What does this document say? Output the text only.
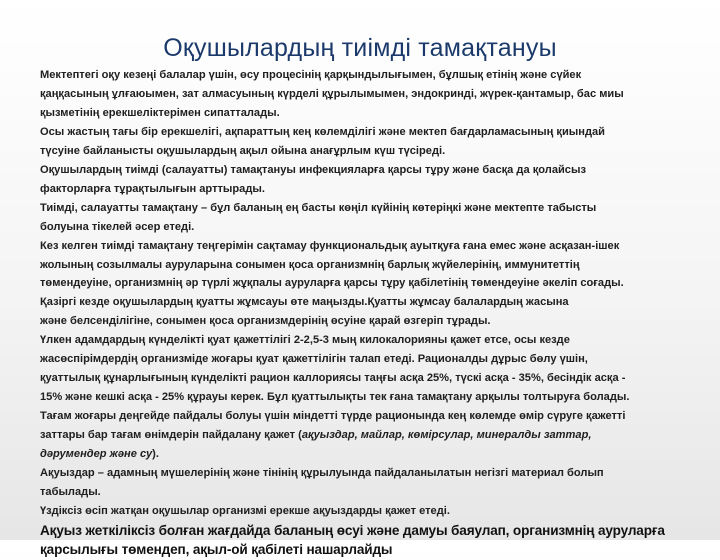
Оқушылардың тиімді тамақтануы
Мектептегі оқу кезеңі балалар үшін, өсу процесінің қарқындылығымен, бұлшық етінің және сүйек
қаңқасының ұлғаюымен, зат алмасуының күрделі құрылымымен, эндокринді, жүрек-қантамыр, бас миы
қызметінің ерекшеліктерімен сипатталады.
Осы жастың тағы бір ерекшелігі, ақпараттың кең көлемділігі және мектеп бағдарламасының қиындай
түсуіне байланысты оқушылардың ақыл ойына анағұрлым күш түсіреді.
Оқушылардың тиімді (салауатты) тамақтануы инфекцияларға қарсы тұру және басқа да қолайсыз
факторларға тұрақтылығын арттырады.
Тиімді, салауатты тамақтану – бұл баланың ең басты көңіл күйінің көтеріңкі және мектепте табысты
болуына тікелей әсер етеді.
Кез келген тиімді тамақтану теңгерімін сақтамау функциональдық ауытқуға ғана емес және асқазан-ішек
жолының созылмалы ауруларына сонымен қоса организмнің барлық жүйелерінің, иммунитеттің
төмендеуіне, организмнің әр түрлі жұқпалы ауруларға қарсы тұру қабілетінің төмендеуіне әкеліп соғады.
Қазіргі кезде оқушылардың қуатты жұмсауы өте маңызды.Қуатты жұмсау балалардың жасына
және белсенділігіне, сонымен қоса организмдерінің өсуіне қарай өзгеріп тұрады.
Үлкен адамдардың күнделікті қуат қажеттілігі 2-2,5-3 мың килокалорияны қажет етсе, осы кезде
жасөспірімдердің организміде жоғары қуат қажеттілігін талап етеді. Рационалды дұрыс бөлу үшін,
қуаттылық құнарлығының күнделікті рацион каллориясы таңғы асқа 25%, түскі асқа - 35%, бесіндік асқа -
15% және кешкі асқа - 25% құрауы керек. Бұл қуаттылықты тек ғана тамақтану арқылы толтыруға болады.
Тағам жоғары деңгейде пайдалы болуы үшін міндетті түрде рационында кең көлемде өмір сүруге қажетті
заттары бар тағам өнімдерін пайдалану қажет (ақуыздар, майлар, көмірсулар, минералды заттар,
дәрумендер және су).
Ақуыздар – адамның мүшелерінің және тінінің құрылуында пайдаланылатын негізгі материал болып
табылады.
Үздіксіз өсіп жатқан оқушылар организмі ерекше ақуыздарды қажет етеді.
Ақуыз жеткіліксіз болған жағдайда баланың өсуі және дамуы баяулап, организмнің ауруларға
қарсылығы төмендеп, ақыл-ой қабілеті нашарлайды
